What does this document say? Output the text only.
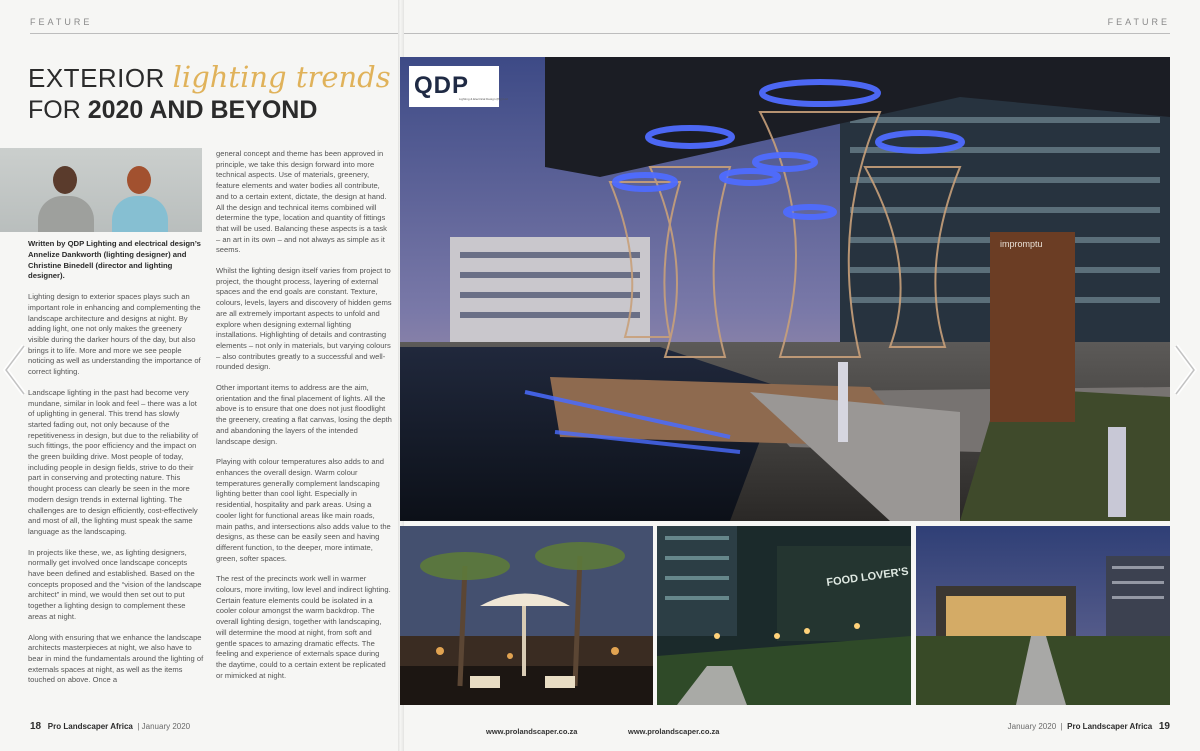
FEATURE
EXTERIOR lighting trends
FOR 2020 AND BEYOND

Written by QDP Lighting and electrical design’s Annelize Dankworth (lighting designer) and Christine Binedell (director and lighting designer).

Lighting design to exterior spaces plays such an important role in enhancing and complementing the landscape architecture and designs at night. By adding light, one not only makes the greenery visible during the darker hours of the day, but also brings it to life. More and more we see people noticing as well as understanding the importance of correct lighting.

Landscape lighting in the past had become very mundane, similar in look and feel – there was a lot of uplighting in general. This trend has slowly started fading out, not only because of the repetitiveness in design, but due to the reliability of such fittings, the poor efficiency and the impact on the green building drive. Most people of today, including people in design fields, strive to do their part in conserving and protecting nature. This thought process can clearly be seen in the more modern design trends in external lighting. The challenges are to design efficiently, cost-effectively and most of all, the lighting must speak the same language as the landscaping.

In projects like these, we, as lighting designers, normally get involved once landscape concepts have been defined and established. Based on the concepts proposed and the “vision of the landscape architect” in mind, we would then set out to put together a lighting design to complement these areas at night.

Along with ensuring that we enhance the landscape architects masterpieces at night, we also have to bear in mind the fundamentals around the lighting of externals spaces at night, as well as the items touched on above. Once a

general concept and theme has been approved in principle, we take this design forward into more technical aspects. Use of materials, greenery, feature elements and water bodies all contribute, and to a certain extent, dictate, the design at hand. All the design and technical items combined will determine the type, location and quantity of fittings that will be used. Balancing these aspects is a task – an art in its own – and not always as simple as it seems.

Whilst the lighting design itself varies from project to project, the thought process, layering of external spaces and the end goals are constant. Texture, colours, levels, layers and discovery of hidden gems are all extremely important aspects to unfold and explore when designing external lighting installations. Highlighting of details and contrasting elements – not only in materials, but varying colours – also contributes greatly to a successful and well-rounded design.

Other important items to address are the aim, orientation and the final placement of lights. All the above is to ensure that one does not just floodlight the greenery, creating a flat canvas, losing the depth and abandoning the layers of the intended landscape design.

Playing with colour temperatures also adds to and enhances the overall design. Warm colour temperatures generally complement landscaping lighting better than cool light. Especially in residential, hospitality and park areas. Using a cooler light for functional areas like main roads, main paths, and intersections also adds value to the designs, as these can be easily seen and having different function, to the deeper, more intimate, green, softer spaces.

The rest of the precincts work well in warmer colours, more inviting, low level and indirect lighting. Certain feature elements could be isolated in a cooler colour amongst the warm backdrop. The overall lighting design, together with landscaping, will determine the mood at night, from soft and gentle spaces to amazing dramatic effects. The feeling and experience of externals space during the daytime, could to a certain extent be replicated or mimicked at night.

18 Pro Landscaper Africa | January 2020
www.prolandscaper.co.za
FEATURE
impromptu
QDP
Lighting & Electrical Design (Pty) Ltd
FOOD LOVER'S
January 2020 | Pro Landscaper Africa 19
www.prolandscaper.co.za
